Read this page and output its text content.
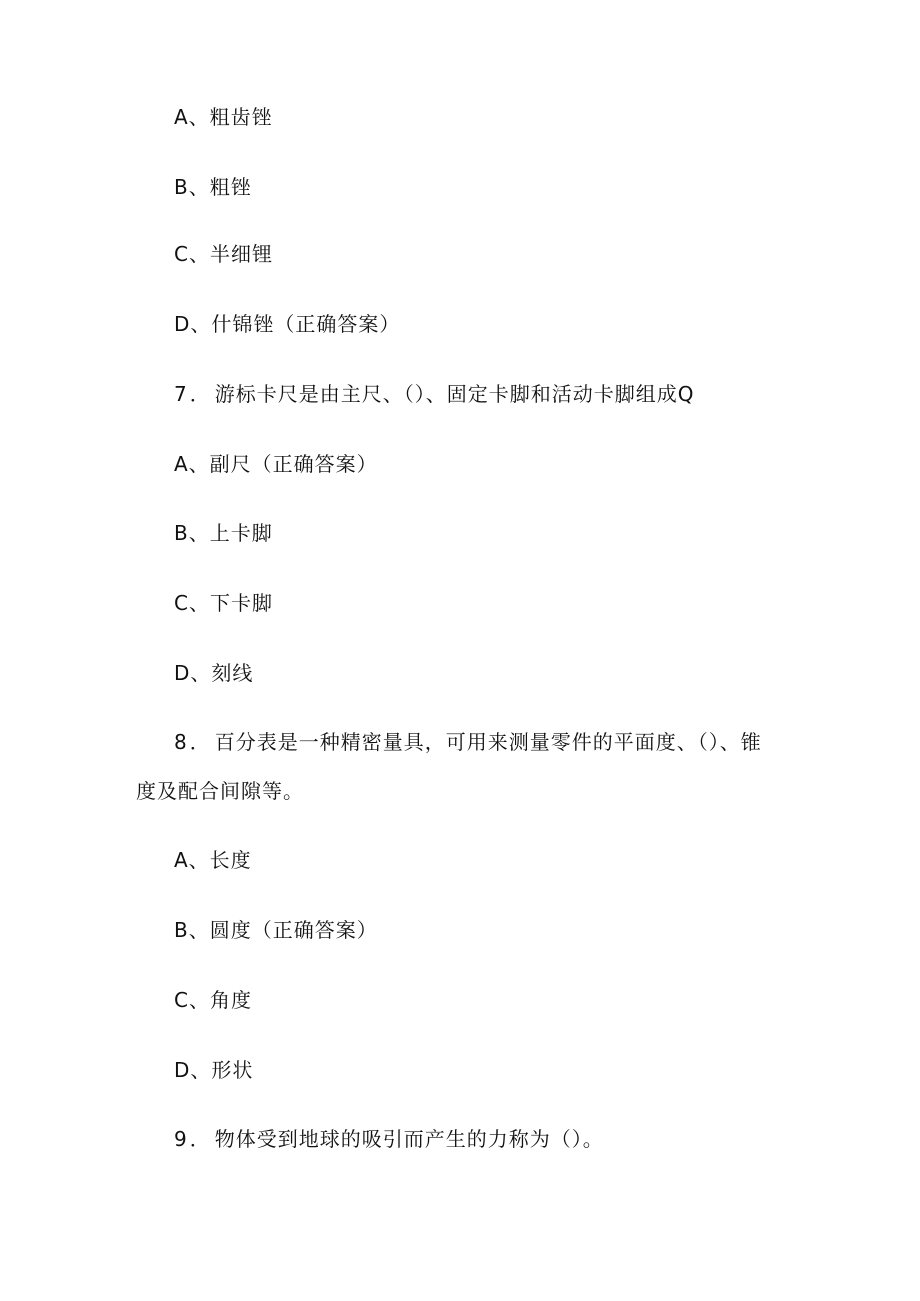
A、粗齿锉
B、粗锉
C、半细锂
D、什锦锉（正确答案）
7 ． 游标卡尺是由主尺、（）、固定卡脚和活动卡脚组成Q
A、副尺（正确答案）
B、上卡脚
C、下卡脚
D、刻线
8 ． 百分表是一种精密量具，可用来测量零件的平面度、（）、锥
度及配合间隙等。
A、长度
B、圆度（正确答案）
C、角度
D、形状
9 ． 物体受到地球的吸引而产生的力称为（）。
